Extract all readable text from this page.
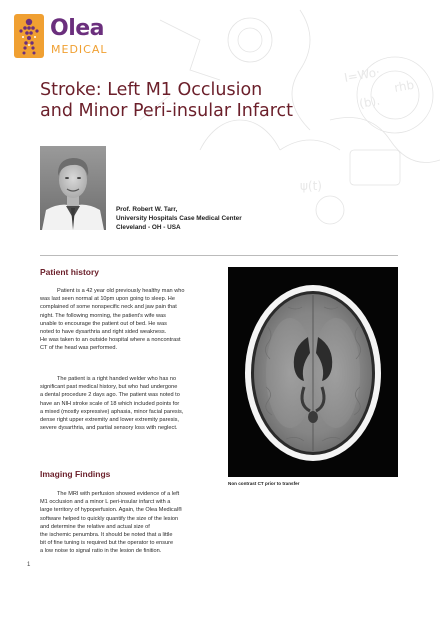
I=Wo·
(b).
rhb
ψ(t)
Olea
MEDICAL
Stroke: Left M1 Occlusion
and Minor Peri-insular Infarct
Prof. Robert W. Tarr,
University Hospitals Case Medical Center
Cleveland - OH - USA
Patient history
Patient is a 42 year old previously healthy man who
was last seen normal at 10pm upon going to sleep. He
complained of some nonspecific neck and jaw pain that
night. The following morning, the patient's wife was
unable to encourage the patient out of bed. He was
noted to have dysarthria and right sided weakness.
He was taken to an outside hospital where a noncontrast
CT of the head was performed.
The patient is a right handed welder who has no
significant past medical history, but who had undergone
a dental procedure 2 days ago. The patient was noted to
have an NIH stroke scale of 18 which included points for
a mixed (mostly expressive) aphasia, minor facial paresis,
dense right upper extremity and lower extremity paresis,
severe dysarthria, and partial sensory loss with neglect.
Imaging Findings
The MRI with perfusion showed evidence of a left
M1 occlusion and a minor L peri-insular infarct with a
large territory of hypoperfusion. Again, the Olea Medical®
software helped to quickly quantify the size of the lesion
and determine the relative and actual size of
the ischemic penumbra. It should be noted that a little
bit of fine tuning is required but the operator to ensure
a low noise to signal ratio in the lesion de finition.
1
Non contrast CT prior to transfer
